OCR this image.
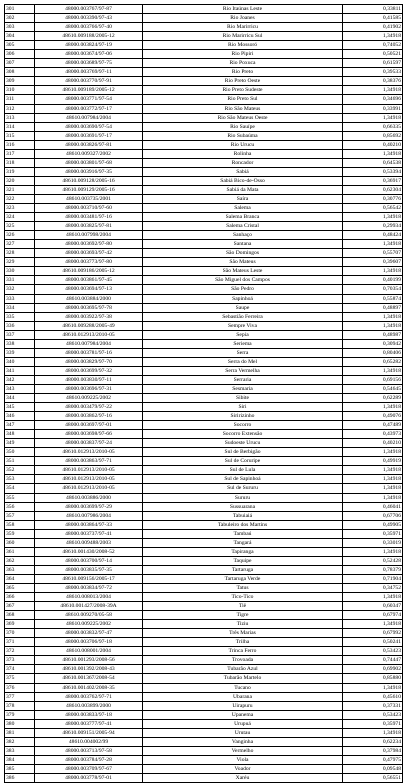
301	48000.003767/97-87	Rio Itaúnas Leste	0,33811
302	48000.003390/97-43	Rio Joanes	0,41585
303	48000.003766/97-40	Rio Marirricu	0,41902
304	48610.009188/2005-12	Rio Marirricu Sul	1,34918
305	48000.003824/97-19	Rio Mossoró	0,74052
306	48000.003674/97-06	Rio Pipiri	0,50521
307	48000.003689/97-75	Rio Poxuca	0,61597
308	48000.003769/97-11	Rio Preto	0,39533
309	48000.003770/97-91	Rio Preto Oeste	0,38376
310	48610.009189/2005-12	Rio Preto Sudeste	1,34918
311	48000.003771/97-54	Rio Preto Sul	0,34696
312	48000.003772/97-17	Rio São Mateus	0,33991
313	48610.007984/2004	Rio São Mateus Oeste	1,34918
314	48000.003690/97-54	Rio Sauípe	0,66335
315	48000.003691/97-17	Rio Subaúma	0,85692
316	48000.003826/97-81	Rio Urucu	0,40210
317	48610.009327/2002	Rolinha	1,34918
318	48000.003801/97-68	Roncador	0,64538
319	48000.003916/97-35	Sabiá	0,53394
320	48610.009128/2005-16	Sabiá Bico-de-Osso	0,36917
321	48610.009129/2005-16	Sabiá da Mata	0,62304
322	48610.003735/2001	Saíra	0,30776
323	48000.003710/97-60	Salema	0,56542
324	48000.003481/97-16	Salema Branca	1,34918
325	48000.003825/97-81	Salema Cristal	0,29934
326	48610.007998/2004	Sanhaço	0,48424
327	48000.003692/97-80	Santana	1,34918
328	48000.003693/97-42	São Domingos	0,55707
329	48000.003773/97-80	São Mateus	0,39607
330	48610.009186/2005-12	São Mateus Leste	1,34918
331	48000.003861/97-45	São Miguel dos Campos	0,40199
332	48000.003694/97-13	São Pedro	0,70354
333	48610.003884/2000	Sapinhoá	0,55874
334	48000.003695/97-78	Saupe	0,48897
335	48000.003922/97-38	Sebastião Ferreira	1,34918
336	48610.009288/2005-49	Sempre Viva	1,34918
337	48610.012913/2010-05	Sepia	0,48987
338	48610.007984/2004	Seriema	0,30942
339	48000.003781/97-16	Serra	0,80406
340	48000.003829/97-70	Serra do Mel	0,65282
341	48000.003699/97-32	Serra Vermelha	1,34918
342	48000.003830/97-11	Serraria	0,69156
343	48000.003696/97-31	Sesmaria	0,54645
344	48610.009225/2002	Sibite	0,62289
345	48000.003479/97-22	Siri	1,34918
346	48000.003862/97-16	Siririzinho	0,49076
347	48000.003697/97-01	Socorro	0,47489
348	48000.003698/97-66	Socorro Extensão	0,43973
349	48000.003837/97-24	Sudoeste Urucu	0,40210
350	48610.012913/2010-05	Sul de Berbigão	1,34918
351	48000.003863/97-71	Sul de Coruripe	0,49919
352	48610.012913/2010-05	Sul de Lula	1,34918
353	48610.012913/2010-05	Sul de Sapinhoá	1,34918
354	48610.012913/2010-05	Sul de Sururu	1,34918
355	48610.003886/2000	Sururu	1,34918
356	48000.003699/97-29	Sussuarana	0,46041
357	48610.007986/2004	Tabuiaiá	0,67706
358	48000.003864/97-33	Tabuleiro dos Martins	0,49905
359	48000.003737/97-41	Tambaú	0,35971
360	48610.009488/2003	Tangará	0,33019
361	48610.001430/2008-52	Tapiranga	1,34918
362	48000.003700/97-14	Taquipe	0,52428
363	48000.003835/97-35	Tartaruga	0,78379
364	48610.009156/2005-17	Tartaruga Verde	0,71904
365	48000.003834/97-72	Tatus	0,34752
366	48610.008013/2004	Tico-Tico	1,34918
367	48610.001427/2008-39A	Tiê	0,60347
368	48610.009270/05-58	Tigre	0,67974
369	48610.009225/2002	Tiziu	1,34918
370	48000.003832/97-47	Três Marias	0,67992
371	48000.003706/97-18	Trilha	0,50241
372	48610.008001/2004	Trinca Ferro	0,53423
373	48610.001293/2008-56	Trovoada	0,74447
374	48610.001392/2008-43	Tubarão Azul	0,69902
375	48610.001367/2008-54	Tubarão Martelo	0,85880
376	48610.001402/2008-35	Tucano	1,34918
377	48000.003762/97-71	Ubarana	0,45610
378	48610.003899/2000	Uirapuru	0,37331
379	48000.003833/97-18	Upanema	0,53423
380	48000.003777/97-41	Urupuá	0,35971
381	48610.009151/2005-94	Urutau	1,34918
382	48610.004002/99	Vanginha	0,62234
383	48000.003713/97-58	Vermelho	0,37984
384	48000.003784/97-28	Viola	0,47975
385	48000.003709/97-67	Voador	0,09548
386	48000.003778/97-01	Xaréu	0,56551
